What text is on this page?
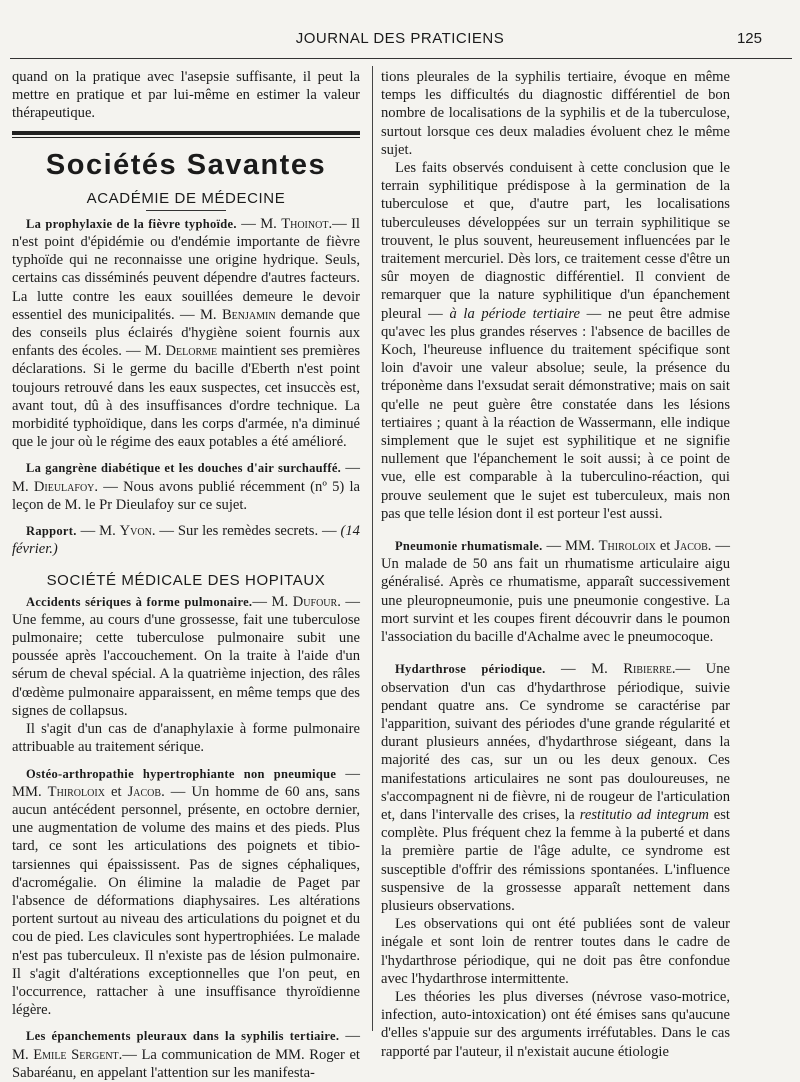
JOURNAL DES PRATICIENS	125

quand on la pratique avec l'asepsie suffisante, il peut la mettre en pratique et par lui-même en estimer la valeur thérapeutique.

Sociétés Savantes
ACADÉMIE DE MÉDECINE

La prophylaxie de la fièvre typhoïde. — M. Thoinot.— Il n'est point d'épidémie ou d'endémie importante de fièvre typhoïde qui ne reconnaisse une origine hydrique. Seuls, certains cas disséminés peuvent dépendre d'autres facteurs. La lutte contre les eaux souillées demeure le devoir essentiel des municipalités. — M. Benjamin demande que des conseils plus éclairés d'hygiène soient fournis aux enfants des écoles. — M. Delorme maintient ses premières déclarations. Si le germe du bacille d'Eberth n'est point toujours retrouvé dans les eaux suspectes, cet insuccès est, avant tout, dû à des insuffisances d'ordre technique. La morbidité typhoïdique, dans les corps d'armée, n'a diminué que le jour où le régime des eaux potables a été amélioré.

La gangrène diabétique et les douches d'air surchauffé. — M. Dieulafoy. — Nous avons publié récemment (nº 5) la leçon de M. le Pr Dieulafoy sur ce sujet.

Rapport. — M. Yvon. — Sur les remèdes secrets. — (14 février.)

SOCIÉTÉ MÉDICALE DES HOPITAUX

Accidents sériques à forme pulmonaire.— M. Dufour. — Une femme, au cours d'une grossesse, fait une tuberculose pulmonaire; cette tuberculose pulmonaire subit une poussée après l'accouchement. On la traite à l'aide d'un sérum de cheval spécial. A la quatrième injection, des râles d'œdème pulmonaire apparaissent, en même temps que des signes de collapsus.

Il s'agit d'un cas de d'anaphylaxie à forme pulmonaire attribuable au traitement sérique.

Ostéo-arthropathie hypertrophiante non pneumique — MM. Thiroloix et Jacob. — Un homme de 60 ans, sans aucun antécédent personnel, présente, en octobre dernier, une augmentation de volume des mains et des pieds. Plus tard, ce sont les articulations des poignets et tibio-tarsiennes qui épaississent. Pas de signes céphaliques, d'acromégalie. On élimine la maladie de Paget par l'absence de déformations diaphysaires. Les altérations portent surtout au niveau des articulations du poignet et du cou de pied. Les clavicules sont hypertrophiées. Le malade n'est pas tuberculeux. Il n'existe pas de lésion pulmonaire. Il s'agit d'altérations exceptionnelles que l'on peut, en l'occurrence, rattacher à une insuffisance thyroïdienne légère.

Les épanchements pleuraux dans la syphilis tertiaire. — M. Emile Sergent.— La communication de MM. Roger et Sabaréanu, en appelant l'attention sur les manifesta-

tions pleurales de la syphilis tertiaire, évoque en même temps les difficultés du diagnostic différentiel de bon nombre de localisations de la syphilis et de la tuberculose, surtout lorsque ces deux maladies évoluent chez le même sujet.

Les faits observés conduisent à cette conclusion que le terrain syphilitique prédispose à la germination de la tuberculose et que, d'autre part, les localisations tuberculeuses développées sur un terrain syphilitique se trouvent, le plus souvent, heureusement influencées par le traitement mercuriel. Dès lors, ce traitement cesse d'être un sûr moyen de diagnostic différentiel. Il convient de remarquer que la nature syphilitique d'un épanchement pleural — à la période tertiaire — ne peut être admise qu'avec les plus grandes réserves : l'absence de bacilles de Koch, l'heureuse influence du traitement spécifique sont loin d'avoir une valeur absolue; seule, la présence du tréponème dans l'exsudat serait démonstrative; mais on sait qu'elle ne peut guère être constatée dans les lésions tertiaires ; quant à la réaction de Wassermann, elle indique simplement que le sujet est syphilitique et ne signifie nullement que l'épanchement le soit aussi; à ce point de vue, elle est comparable à la tuberculino-réaction, qui prouve seulement que le sujet est tuberculeux, mais non pas que telle lésion dont il est porteur l'est aussi.

Pneumonie rhumatismale. — MM. Thiroloix et Jacob. — Un malade de 50 ans fait un rhumatisme articulaire aigu généralisé. Après ce rhumatisme, apparaît successivement une pleuropneumonie, puis une pneumonie congestive. La mort survint et les coupes firent découvrir dans le poumon l'association du bacille d'Achalme avec le pneumocoque.

Hydarthrose périodique. — M. Ribierre.— Une observation d'un cas d'hydarthrose périodique, suivie pendant quatre ans. Ce syndrome se caractérise par l'apparition, suivant des périodes d'une grande régularité et durant plusieurs années, d'hydarthrose siégeant, dans la majorité des cas, sur un ou les deux genoux. Ces manifestations articulaires ne sont pas douloureuses, ne s'accompagnent ni de fièvre, ni de rougeur de l'articulation et, dans l'intervalle des crises, la restitutio ad integrum est complète. Plus fréquent chez la femme à la puberté et dans la première partie de l'âge adulte, ce syndrome est susceptible d'offrir des rémissions spontanées. L'influence suspensive de la grossesse apparaît nettement dans plusieurs observations.

Les observations qui ont été publiées sont de valeur inégale et sont loin de rentrer toutes dans le cadre de l'hydarthrose périodique, qui ne doit pas être confondue avec l'hydarthrose intermittente.

Les théories les plus diverses (névrose vaso-motrice, infection, auto-intoxication) ont été émises sans qu'aucune d'elles s'appuie sur des arguments irréfutables. Dans le cas rapporté par l'auteur, il n'existait aucune étiologie
